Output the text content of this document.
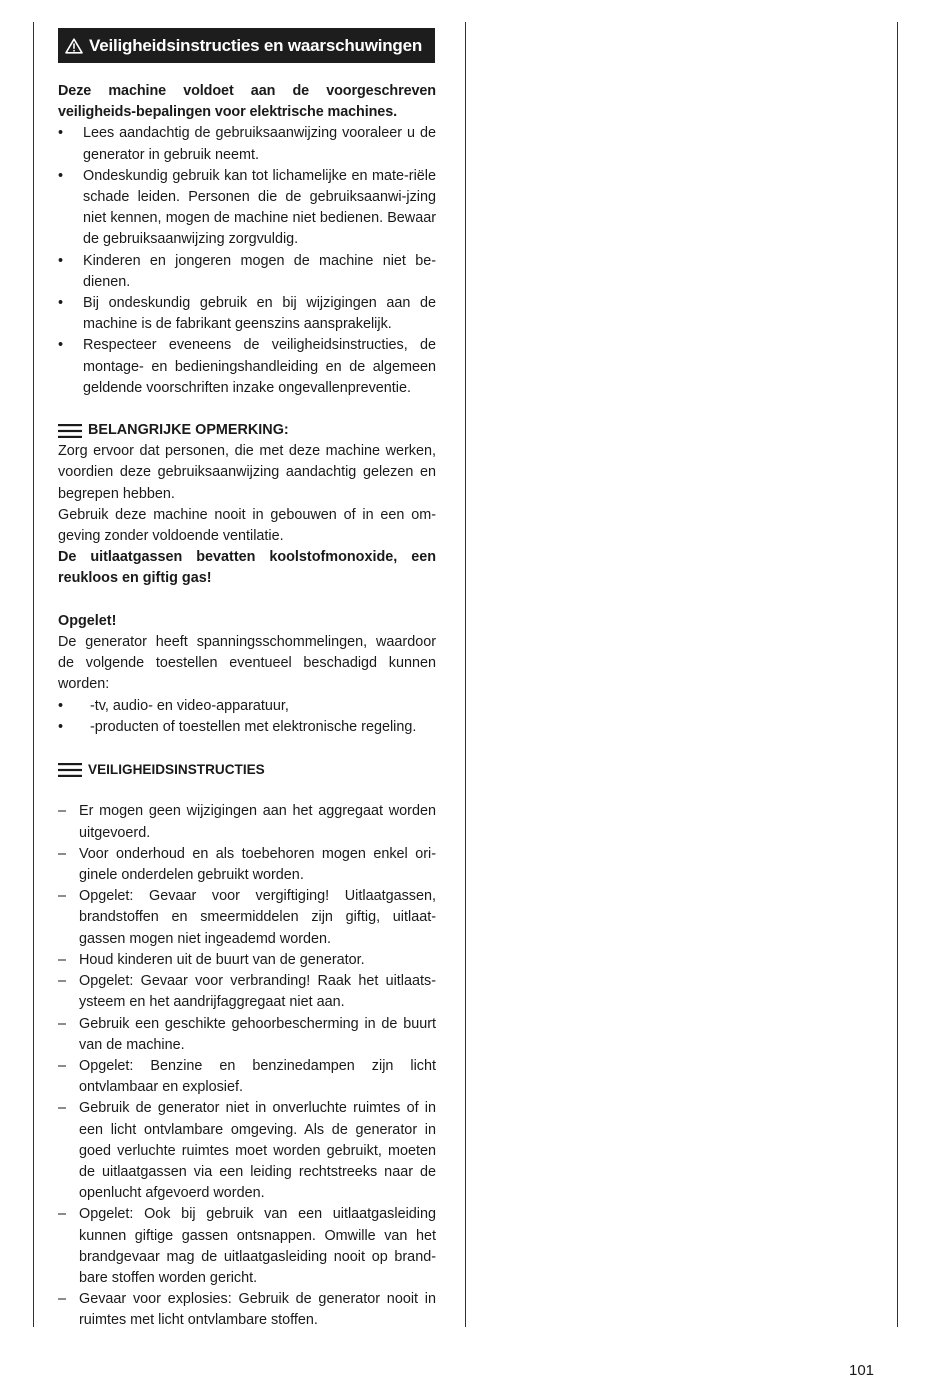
Veiligheidsinstructies en waarschuwingen

Deze machine voldoet aan de voorgeschreven veiligheids-bepalingen voor elektrische machines.

• Lees aandachtig de gebruiksaanwijzing vooraleer u de generator in gebruik neemt.
• Ondeskundig gebruik kan tot lichamelijke en mate-riële schade leiden. Personen die de gebruiksaanwi-jzing niet kennen, mogen de machine niet bedienen. Bewaar de gebruiksaanwijzing zorgvuldig.
• Kinderen en jongeren mogen de machine niet be-dienen.
• Bij ondeskundig gebruik en bij wijzigingen aan de machine is de fabrikant geenszins aansprakelijk.
• Respecteer eveneens de veiligheidsinstructies, de montage- en bedieningshandleiding en de algemeen geldende voorschriften inzake ongevallenpreventie.
BELANGRIJKE OPMERKING:

Zorg ervoor dat personen, die met deze machine werken, voordien deze gebruiksaanwijzing aandachtig gelezen en begrepen hebben.

Gebruik deze machine nooit in gebouwen of in een om-geving zonder voldoende ventilatie.

De uitlaatgassen bevatten koolstofmonoxide, een reukloos en giftig gas!

Opgelet!

De generator heeft spanningsschommelingen, waardoor de volgende toestellen eventueel beschadigd kunnen worden:

• -tv, audio- en video-apparatuur,
• -producten of toestellen met elektronische regeling.
VEILIGHEIDSINSTRUCTIES
– Er mogen geen wijzigingen aan het aggregaat worden uitgevoerd.
– Voor onderhoud en als toebehoren mogen enkel ori-ginele onderdelen gebruikt worden.
– Opgelet: Gevaar voor vergiftiging! Uitlaatgassen, brandstoffen en smeermiddelen zijn giftig, uitlaat-gassen mogen niet ingeademd worden.
– Houd kinderen uit de buurt van de generator.
– Opgelet: Gevaar voor verbranding! Raak het uitlaats-ysteem en het aandrijfaggregaat niet aan.
– Gebruik een geschikte gehoorbescherming in de buurt van de machine.
– Opgelet: Benzine en benzinedampen zijn licht ontvlambaar en explosief.
– Gebruik de generator niet in onverluchte ruimtes of in een licht ontvlambare omgeving. Als de generator in goed verluchte ruimtes moet worden gebruikt, moeten de uitlaatgassen via een leiding rechtstreeks naar de openlucht afgevoerd worden.
– Opgelet: Ook bij gebruik van een uitlaatgasleiding kunnen giftige gassen ontsnappen. Omwille van het brandgevaar mag de uitlaatgasleiding nooit op brand-bare stoffen worden gericht.
– Gevaar voor explosies: Gebruik de generator nooit in ruimtes met licht ontvlambare stoffen.
101
